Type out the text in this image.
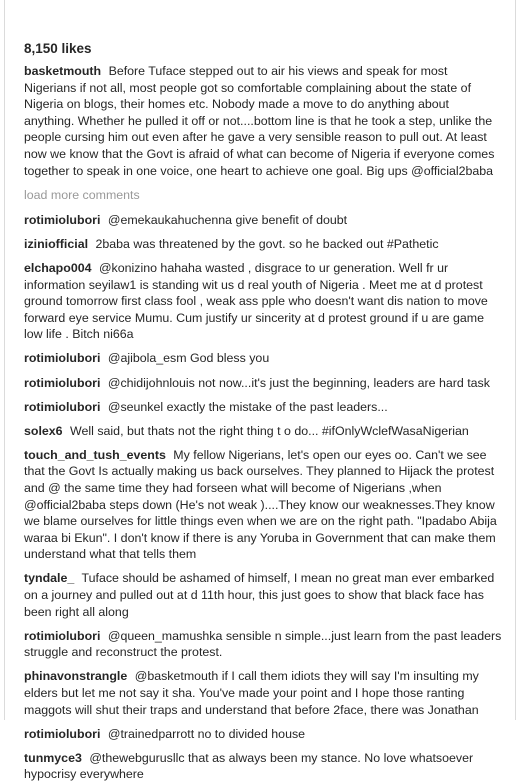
8,150 likes
basketmouth Before Tuface stepped out to air his views and speak for most Nigerians if not all, most people got so comfortable complaining about the state of Nigeria on blogs, their homes etc. Nobody made a move to do anything about anything. Whether he pulled it off or not....bottom line is that he took a step, unlike the people cursing him out even after he gave a very sensible reason to pull out. At least now we know that the Govt is afraid of what can become of Nigeria if everyone comes together to speak in one voice, one heart to achieve one goal. Big ups @official2baba
load more comments
rotimiolubori @emekaukahuchenna give benefit of doubt
iziniofficial 2baba was threatened by the govt. so he backed out #Pathetic
elchapo004 @konizino hahaha wasted , disgrace to ur generation. Well fr ur information seyilaw1 is standing wit us d real youth of Nigeria . Meet me at d protest ground tomorrow first class fool , weak ass pple who doesn't want dis nation to move forward eye service Mumu. Cum justify ur sincerity at d protest ground if u are game low life . Bitch ni66a
rotimiolubori @ajibola_esm God bless you
rotimiolubori @chidijohnlouis not now...it's just the beginning, leaders are hard task
rotimiolubori @seunkel exactly the mistake of the past leaders...
solex6 Well said, but thats not the right thing t o do... #ifOnlyWclefWasaNigerian
touch_and_tush_events My fellow Nigerians, let's open our eyes oo. Can't we see that the Govt Is actually making us back ourselves. They planned to Hijack the protest and @ the same time they had forseen what will become of Nigerians ,when @official2baba steps down (He's not weak )....They know our weaknesses.They know we blame ourselves for little things even when we are on the right path. "Ipadabo Abija waraa bi Ekun". I don't know if there is any Yoruba in Government that can make them understand what that tells them
tyndale_ Tuface should be ashamed of himself, I mean no great man ever embarked on a journey and pulled out at d 11th hour, this just goes to show that black face has been right all along
rotimiolubori @queen_mamushka sensible n simple...just learn from the past leaders struggle and reconstruct the protest.
phinavonstrangle @basketmouth if I call them idiots they will say I'm insulting my elders but let me not say it sha. You've made your point and I hope those ranting maggots will shut their traps and understand that before 2face, there was Jonathan
rotimiolubori @trainedparrott no to divided house
tunmyce3 @thewebgurusllc that as always been my stance. No love whatsoever hypocrisy everywhere
